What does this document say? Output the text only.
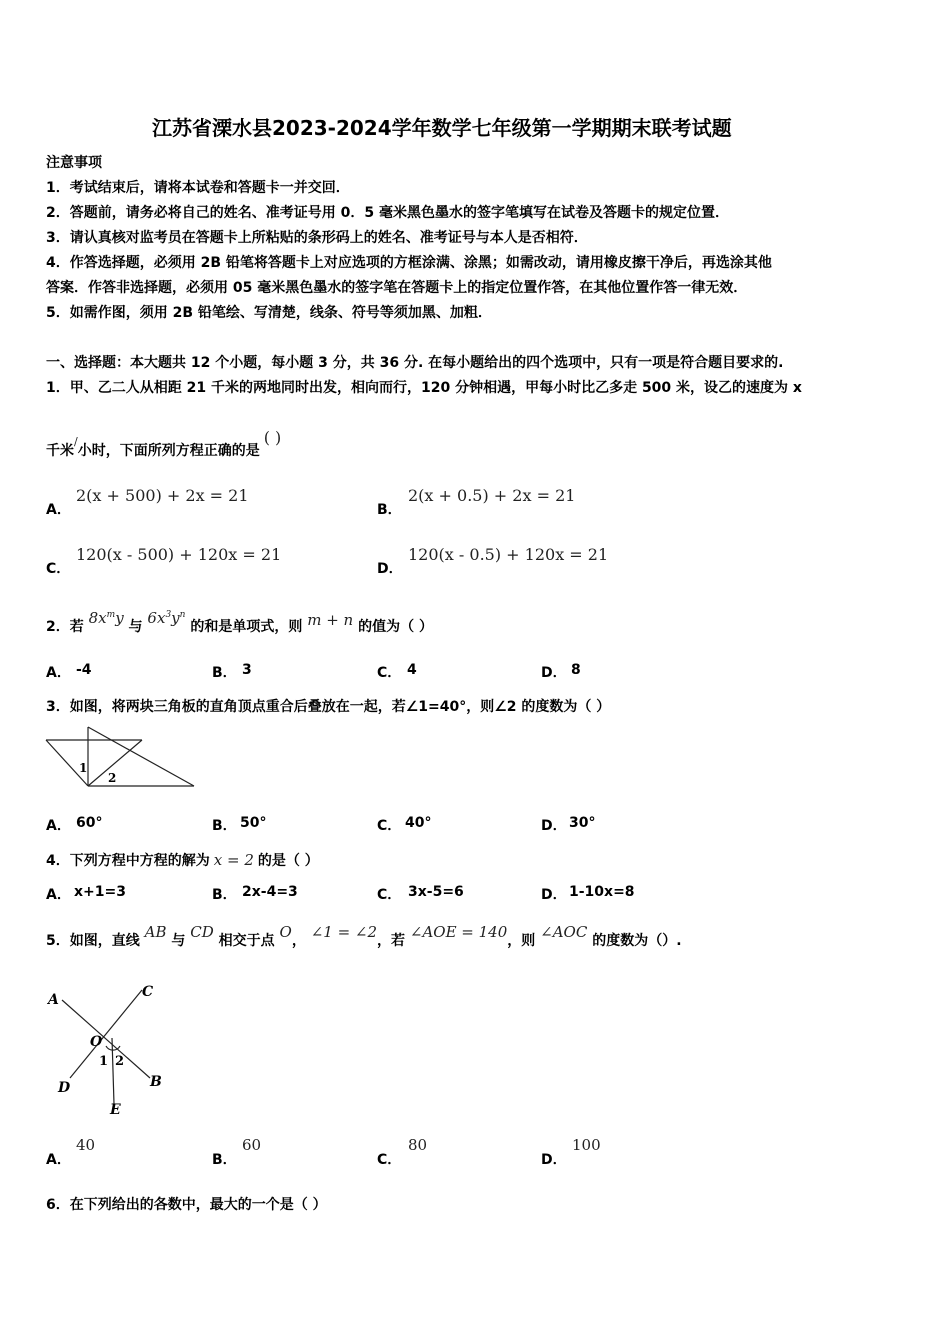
江苏省溧水县2023-2024学年数学七年级第一学期期末联考试题
注意事项
1．考试结束后，请将本试卷和答题卡一并交回．
2．答题前，请务必将自己的姓名、准考证号用 0．5 毫米黑色墨水的签字笔填写在试卷及答题卡的规定位置．
3．请认真核对监考员在答题卡上所粘贴的条形码上的姓名、准考证号与本人是否相符．
4．作答选择题，必须用 2B 铅笔将答题卡上对应选项的方框涂满、涂黑；如需改动，请用橡皮擦干净后，再选涂其他
答案．作答非选择题，必须用 05 毫米黑色墨水的签字笔在答题卡上的指定位置作答，在其他位置作答一律无效．
5．如需作图，须用 2B 铅笔绘、写清楚，线条、符号等须加黑、加粗．
一、选择题：本大题共 12 个小题，每小题 3 分，共 36 分. 在每小题给出的四个选项中，只有一项是符合题目要求的.
1．甲、乙二人从相距 21 千米的两地同时出发，相向而行，120 分钟相遇，甲每小时比乙多走 500 米，设乙的速度为 x
千米/小时，下面所列方程正确的是( )
A．
2(x + 500) + 2x = 21
B．
2(x + 0.5) + 2x = 21
C．
120(x - 500) + 120x = 21
D．
120(x - 0.5) + 120x = 21
2．若 $8x^my$ 与 $6x^3y^n$ 的和是单项式，则 m + n 的值为（ ）
A． -4	B． 3	C． 4	D． 8
3．如图，将两块三角板的直角顶点重合后叠放在一起，若∠1=40°，则∠2 的度数为（ ）
1
2
A． 60°	B． 50°	C． 40°	D． 30°
4．下列方程中方程的解为 x = 2 的是（ ）
A． x+1=3	B． 2x-4=3	C． 3x-5=6	D． 1-10x=8
5．如图，直线 AB 与 CD 相交于点 O， ∠1 = ∠2，若 ∠AOE = 140，则 ∠AOC 的度数为（）.
A	C
O
1 2
D	B
E
A．
40
B．
60
C．
80
D．
100
6．在下列给出的各数中，最大的一个是（ ）
